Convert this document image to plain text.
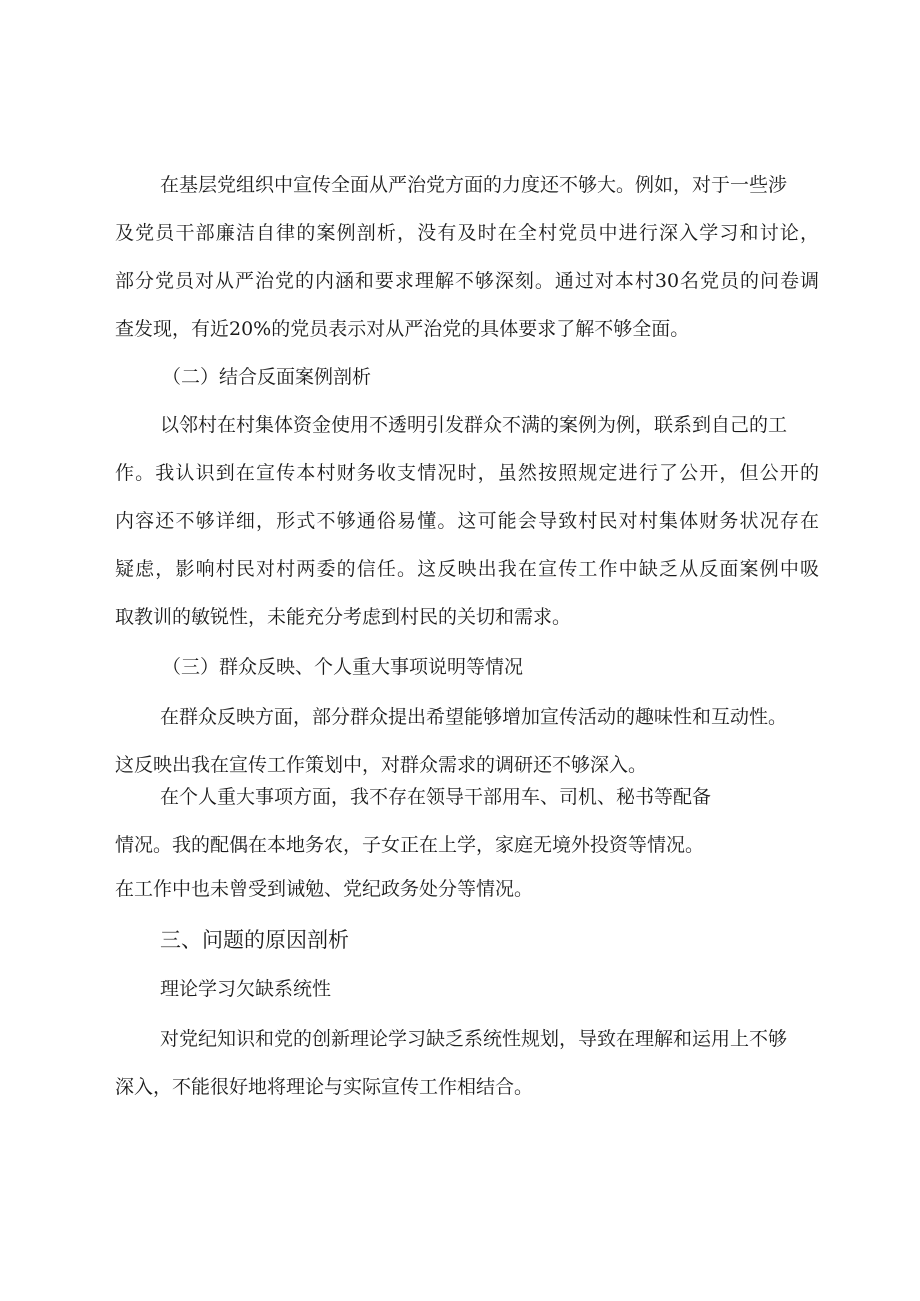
在基层党组织中宣传全面从严治党方面的力度还不够大。例如，对于一些涉
及党员干部廉洁自律的案例剖析，没有及时在全村党员中进行深入学习和讨论，
部分党员对从严治党的内涵和要求理解不够深刻。通过对本村30名党员的问卷调
查发现，有近20%的党员表示对从严治党的具体要求了解不够全面。
（二）结合反面案例剖析
以邻村在村集体资金使用不透明引发群众不满的案例为例，联系到自己的工
作。我认识到在宣传本村财务收支情况时，虽然按照规定进行了公开，但公开的
内容还不够详细，形式不够通俗易懂。这可能会导致村民对村集体财务状况存在
疑虑，影响村民对村两委的信任。这反映出我在宣传工作中缺乏从反面案例中吸
取教训的敏锐性，未能充分考虑到村民的关切和需求。
（三）群众反映、个人重大事项说明等情况
在群众反映方面，部分群众提出希望能够增加宣传活动的趣味性和互动性。
这反映出我在宣传工作策划中，对群众需求的调研还不够深入。
在个人重大事项方面，我不存在领导干部用车、司机、秘书等配备
情况。我的配偶在本地务农，子女正在上学，家庭无境外投资等情况。
在工作中也未曾受到诫勉、党纪政务处分等情况。
三、问题的原因剖析
理论学习欠缺系统性
对党纪知识和党的创新理论学习缺乏系统性规划，导致在理解和运用上不够
深入，不能很好地将理论与实际宣传工作相结合。
